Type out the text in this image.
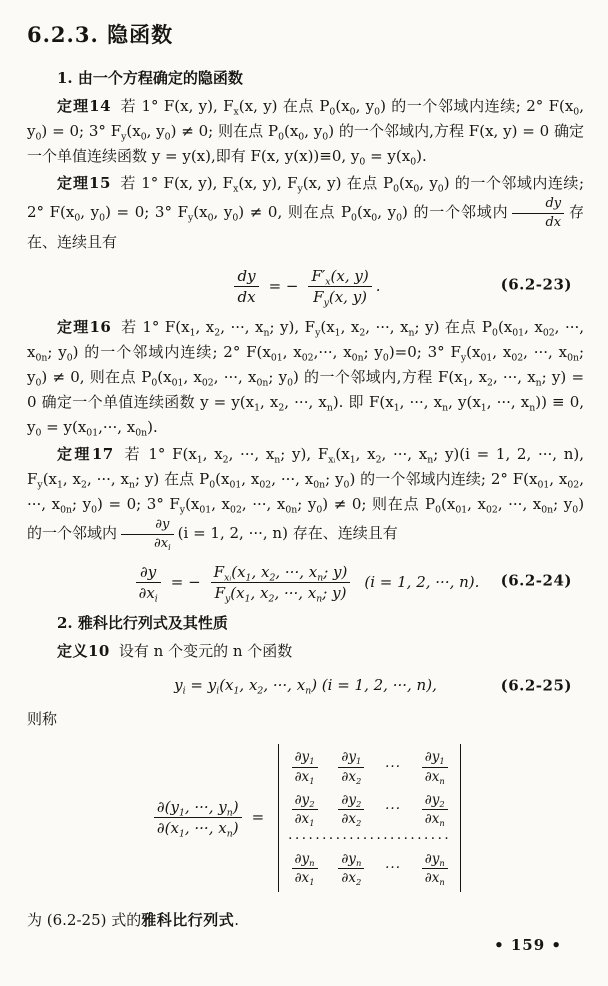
6.2.3. 隐函数

1. 由一个方程确定的隐函数

定理14 若 1° F(x, y), $F_x(x$, y) 在点 $P_0(x_0$, $y_0$) 的一个邻域内连续; 2° $F(x_0$, $y_0) = 0$; 3° $F_y(x_0$, $y_0) \ne 0$; 则在点 $P_0(x_0$, $y_0$) 的一个邻域内,方程 F(x, y) = 0 确定一个单值连续函数 y = y(x),即有 F(x, y(x))≡0, $y_0 = y(x_0)$.

定理15 若 1° F(x, y), $F_x(x$, y), $F_y(x$, y) 在点 $P_0(x_0$, $y_0$) 的一个邻域内连续; 2° $F(x_0$, $y_0) = 0$; 3° $F_y(x_0$, $y_0) \ne 0$, 则在点 $P_0(x_0$, $y_0$) 的一个邻域内 $\frac{dy}{dx}$ 存在、连续且有

$\frac{dy}{dx}$ = − $\frac{F'_x(x, y)}{F_y(x, y)}$ .	(6.2-23)

定理16 若 1° $F(x_1$, $x_2$, ···, $x_n$; y), $F_y(x_1$, $x_2$, ···, $x_n$; y) 在点 $P_0(x_{01}$, $x_{02}$, ···, $x_{0n}$; $y_0$) 的一个邻域内连续; 2° $F(x_{01}$, $x_{02},\cdot\cdot\cdot$, $x_{0n}$; $y_0)=0$; 3° $F_y(x_{01}$, $x_{02}$, ···, $x_{0n}$; $y_0) \ne 0$, 则在点 $P_0(x_{01}$, $x_{02}$, ···, $x_{0n}$; $y_0$) 的一个邻域内,方程 $F(x_1$, $x_2$, ···, $x_n$; y) = 0 确定一个单值连续函数 $y = y(x_1$, $x_2$, ···, $x_n$). 即 $F(x_1$, ···, $x_n$, $y(x_1$, ···, $x_n)) \equiv 0$, $y_0 = y(x_{01},\cdot\cdot\cdot$, $x_{0n}$).

定理17 若 1° $F(x_1$, $x_2$, ···, $x_n$; y), $F_{xᵢ}(x_1$, $x_2$, ···, $x_n$; y)(i = 1, 2, ···, n), $F_y(x_1$, $x_2$, ···, $x_n$; y) 在点 $P_0(x_{01}$, $x_{02}$, ···, $x_{0n}$; $y_0$) 的一个邻域内连续; 2° $F(x_{01}$, $x_{02}$, ···, $x_{0n}$; $y_0) = 0$; 3° $F_y(x_{01}$, $x_{02}$, ···, $x_{0n}$; $y_0) \ne 0$; 则在点 $P_0(x_{01}$, $x_{02}$, ···, $x_{0n}$; $y_0$) 的一个邻域内 $\frac{\partial y}{\partial x_i} (i = 1$, 2, ···, n) 存在、连续且有

$\frac{\partial y}{\partial x_i}$ = − $\frac{F_{xᵢ}(x_1, x_2, \cdot\cdot\cdot, x_n; y)}{F_y(x_1, x_2, \cdot\cdot\cdot, x_n; y)} (i = 1$, 2, ···, n). (6.2-24)

2. 雅科比行列式及其性质

定义10 设有 n 个变元的 n 个函数

$y_i = y_i(x_1$, $x_2$, ···, $x_n$) (i = 1, 2, ···, n),	(6.2-25)

则称

$\frac{\partial(y_1, \cdot\cdot\cdot, y_n)}{\partial(x_1, \cdot\cdot\cdot, x_n)}$ =
$\frac{\partial y_1}{\partial x_1} \frac{\partial y_1}{\partial x_2}$ ··· $\frac{\partial y_1}{\partial x_n}$
$\frac{\partial y_2}{\partial x_1} \frac{\partial y_2}{\partial x_2}$ ··· $\frac{\partial y_2}{\partial x_n}$
························
$\frac{\partial y_n}{\partial x_1} \frac{\partial y_n}{\partial x_2}$ ··· $\frac{\partial y_n}{\partial x_n}$

为 (6.2-25) 式的雅科比行列式.

• 159 •
